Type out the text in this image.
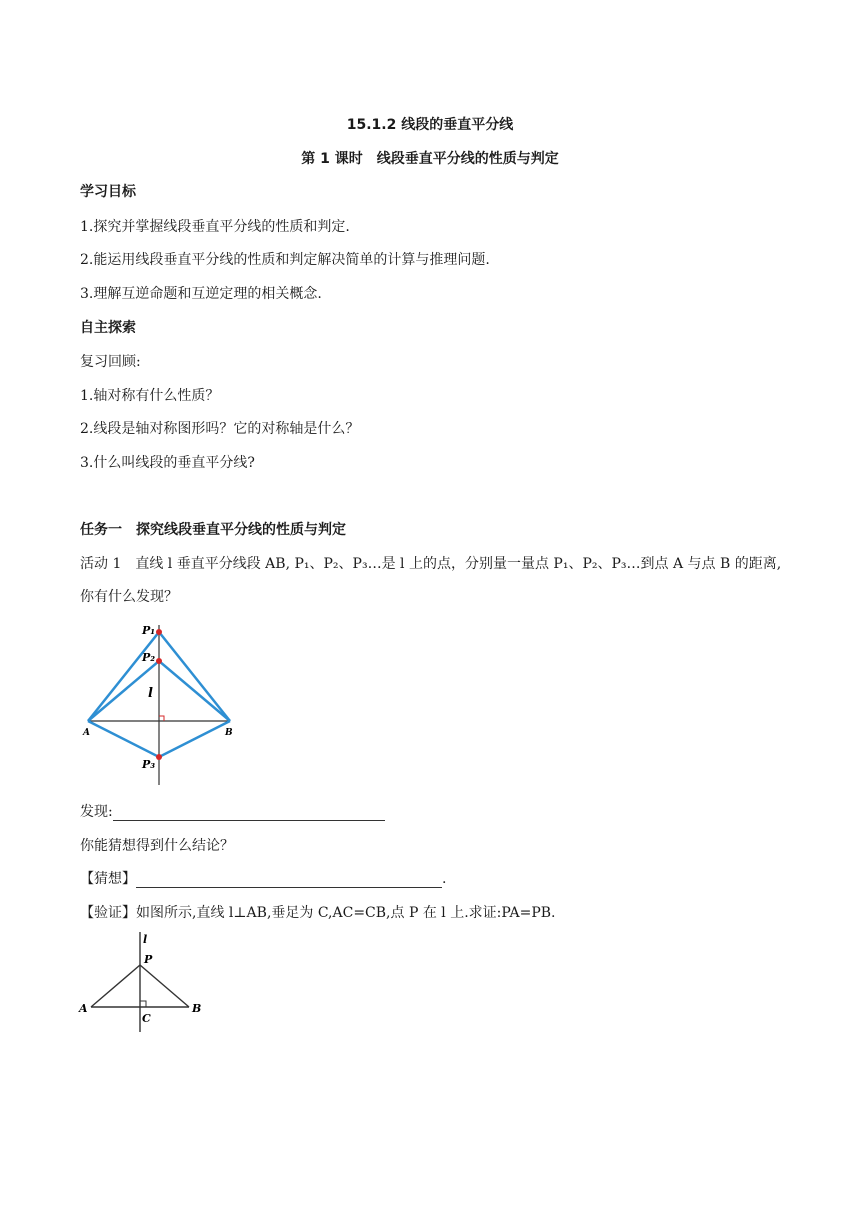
15.1.2 线段的垂直平分线
第 1 课时　线段垂直平分线的性质与判定
学习目标
1.探究并掌握线段垂直平分线的性质和判定.
2.能运用线段垂直平分线的性质和判定解决简单的计算与推理问题.
3.理解互逆命题和互逆定理的相关概念.
自主探索
复习回顾:
1.轴对称有什么性质？
2.线段是轴对称图形吗？它的对称轴是什么？
3.什么叫线段的垂直平分线?
任务一　探究线段垂直平分线的性质与判定
活动 1　直线 l 垂直平分线段 AB, P₁、P₂、P₃…是 l 上的点，分别量一量点 P₁、P₂、P₃…到点 A 与点 B 的距离,
你有什么发现？
P₁
P₂
P₃
l
A	B
发现:
你能猜想得到什么结论？
【猜想】	.
【验证】如图所示,直线 l⊥AB,垂足为 C,AC=CB,点 P 在 l 上.求证:PA=PB.
l
P
A	B
C
